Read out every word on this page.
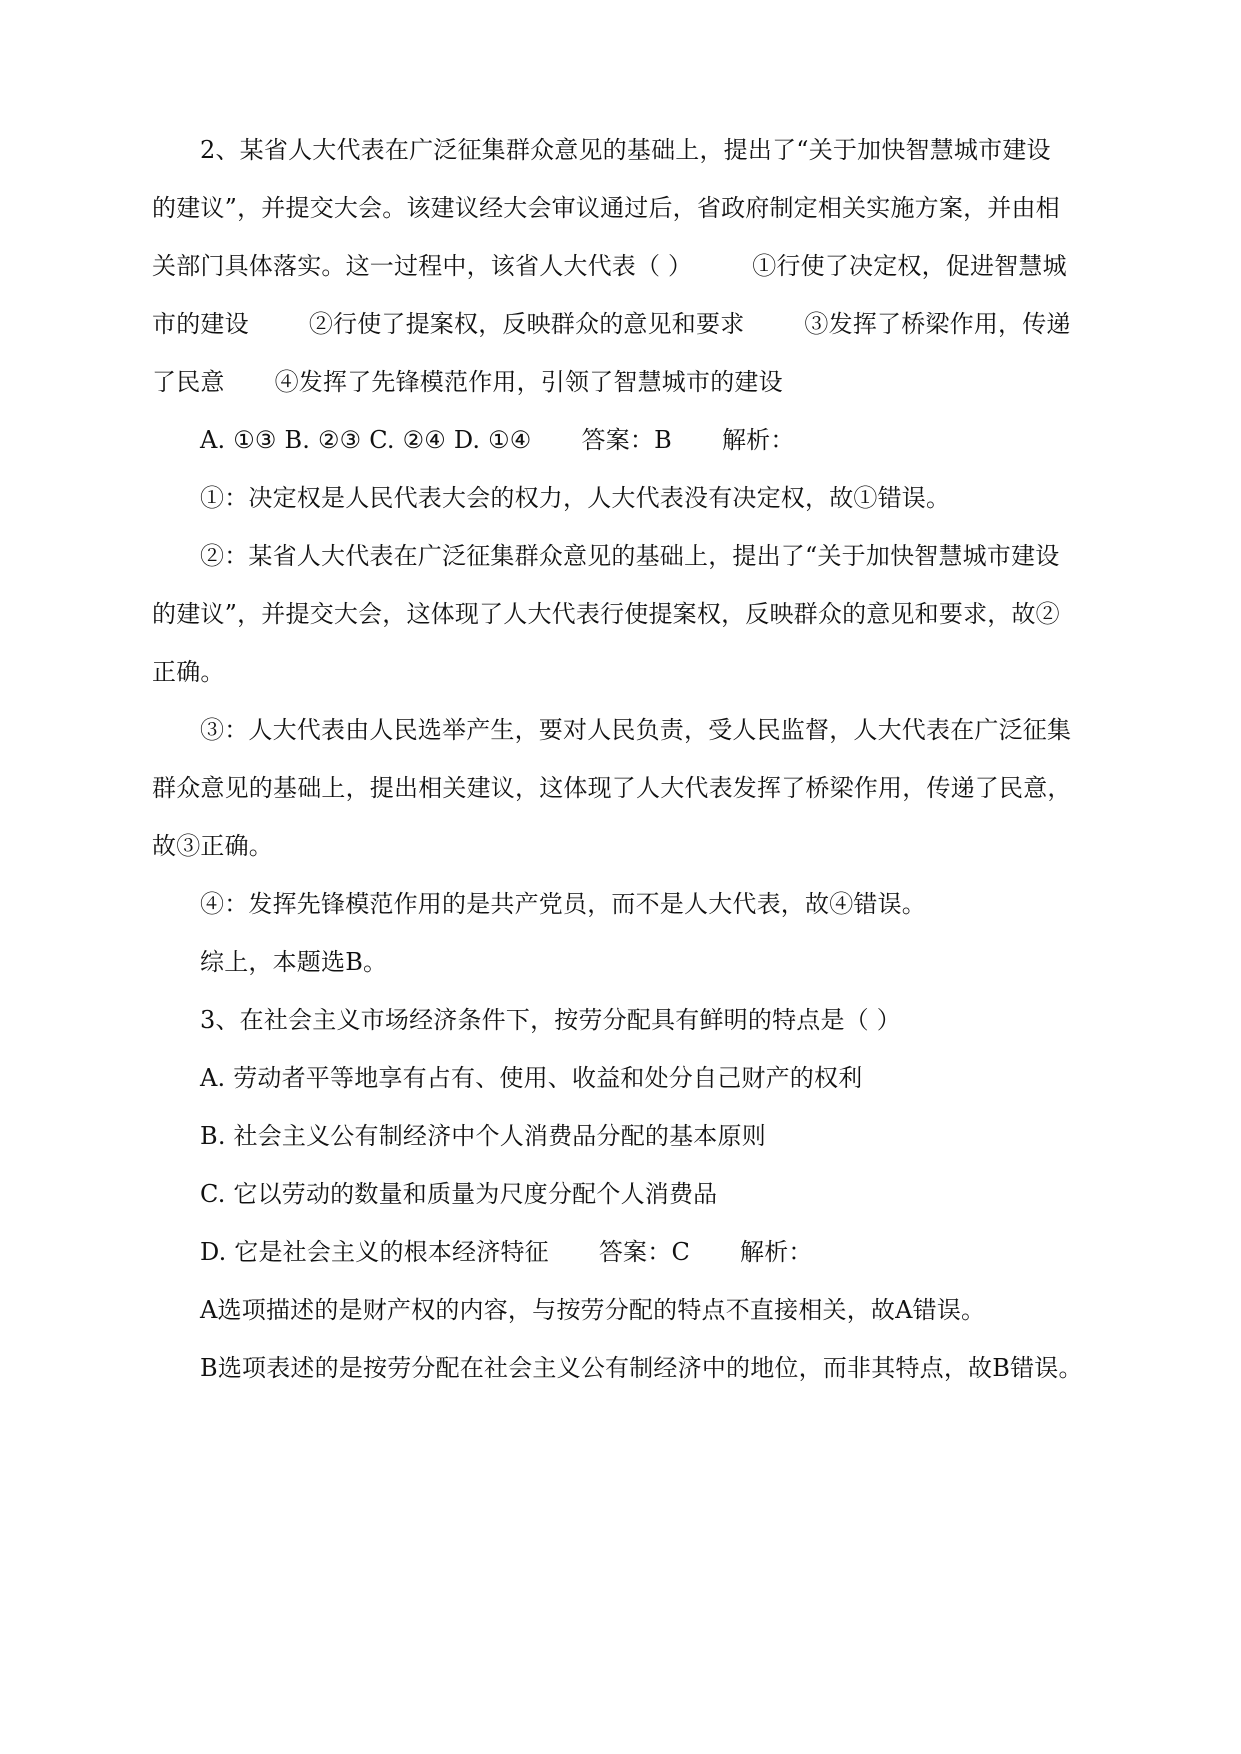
2、某省人大代表在广泛征集群众意见的基础上，提出了“关于加快智慧城市建设
的建议”，并提交大会。该建议经大会审议通过后，省政府制定相关实施方案，并由相
关部门具体落实。这一过程中，该省人大代表（ ）	①行使了决定权，促进智慧城
市的建设	②行使了提案权，反映群众的意见和要求	③发挥了桥梁作用，传递
了民意 ④发挥了先锋模范作用，引领了智慧城市的建设
A. ①③ B. ②③ C. ②④ D. ①④ 答案：B 解析：
①：决定权是人民代表大会的权力，人大代表没有决定权，故①错误。
②：某省人大代表在广泛征集群众意见的基础上，提出了“关于加快智慧城市建设
的建议”，并提交大会，这体现了人大代表行使提案权，反映群众的意见和要求，故②
正确。
③：人大代表由人民选举产生，要对人民负责，受人民监督，人大代表在广泛征集
群众意见的基础上，提出相关建议，这体现了人大代表发挥了桥梁作用，传递了民意，
故③正确。
④：发挥先锋模范作用的是共产党员，而不是人大代表，故④错误。
综上，本题选B。
3、在社会主义市场经济条件下，按劳分配具有鲜明的特点是（ ）
A. 劳动者平等地享有占有、使用、收益和处分自己财产的权利
B. 社会主义公有制经济中个人消费品分配的基本原则
C. 它以劳动的数量和质量为尺度分配个人消费品
D. 它是社会主义的根本经济特征 答案：C 解析：
A选项描述的是财产权的内容，与按劳分配的特点不直接相关，故A错误。
B选项表述的是按劳分配在社会主义公有制经济中的地位，而非其特点，故B错误。
